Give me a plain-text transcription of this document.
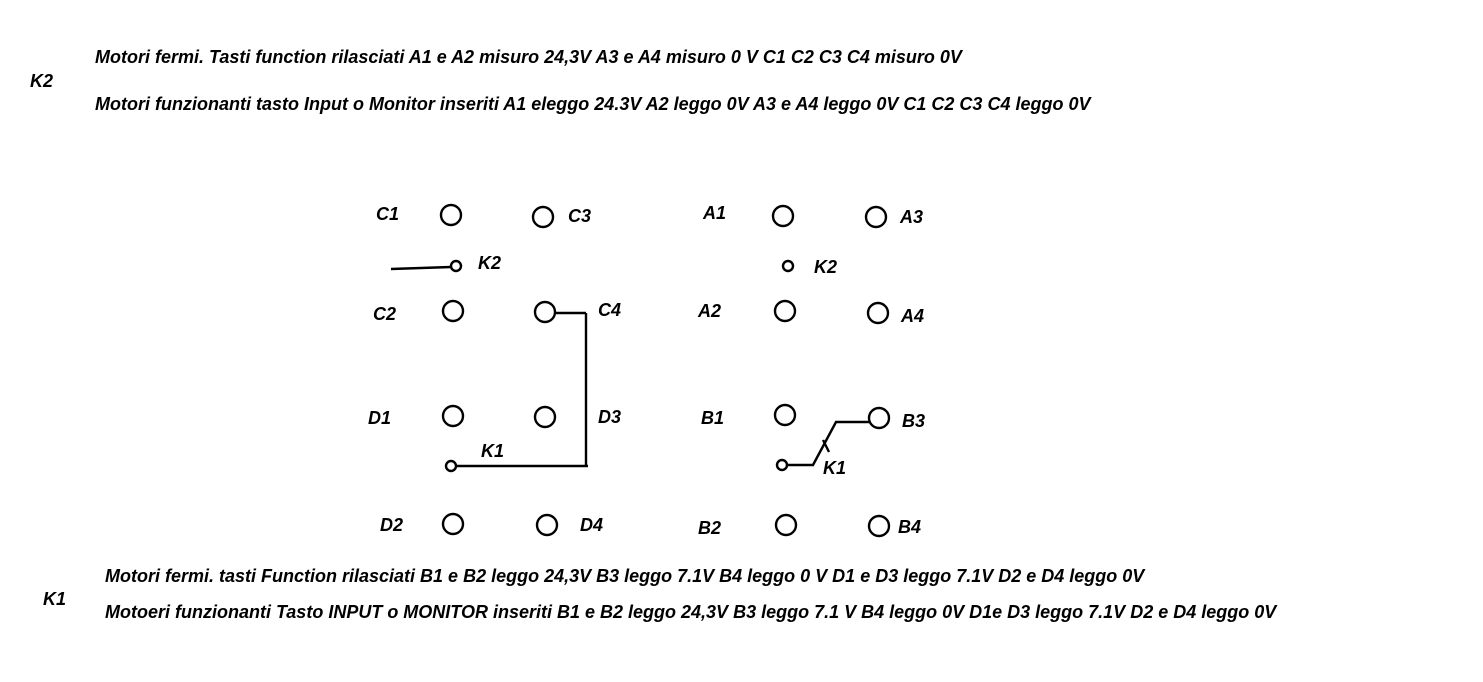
K2
Motori fermi. Tasti function rilasciati A1 e A2 misuro 24,3V A3 e A4 misuro 0 V C1 C2 C3 C4 misuro 0V
Motori funzionanti tasto Input o Monitor inseriti A1 eleggo 24.3V A2 leggo 0V A3 e A4 leggo 0V C1 C2 C3 C4 leggo 0V
K1
Motori fermi. tasti Function rilasciati B1 e B2 leggo 24,3V B3 leggo 7.1V B4 leggo 0 V D1 e D3 leggo 7.1V D2 e D4 leggo 0V
Motoeri funzionanti Tasto INPUT o MONITOR inseriti B1 e B2 leggo 24,3V B3 leggo 7.1 V B4 leggo 0V D1e D3 leggo 7.1V D2 e D4 leggo 0V
C1	C3
K2
C2	C4
D1	D3
K1
D2	D4
A1	A3
K2
A2	A4
B1	B3
K1
B2	B4
